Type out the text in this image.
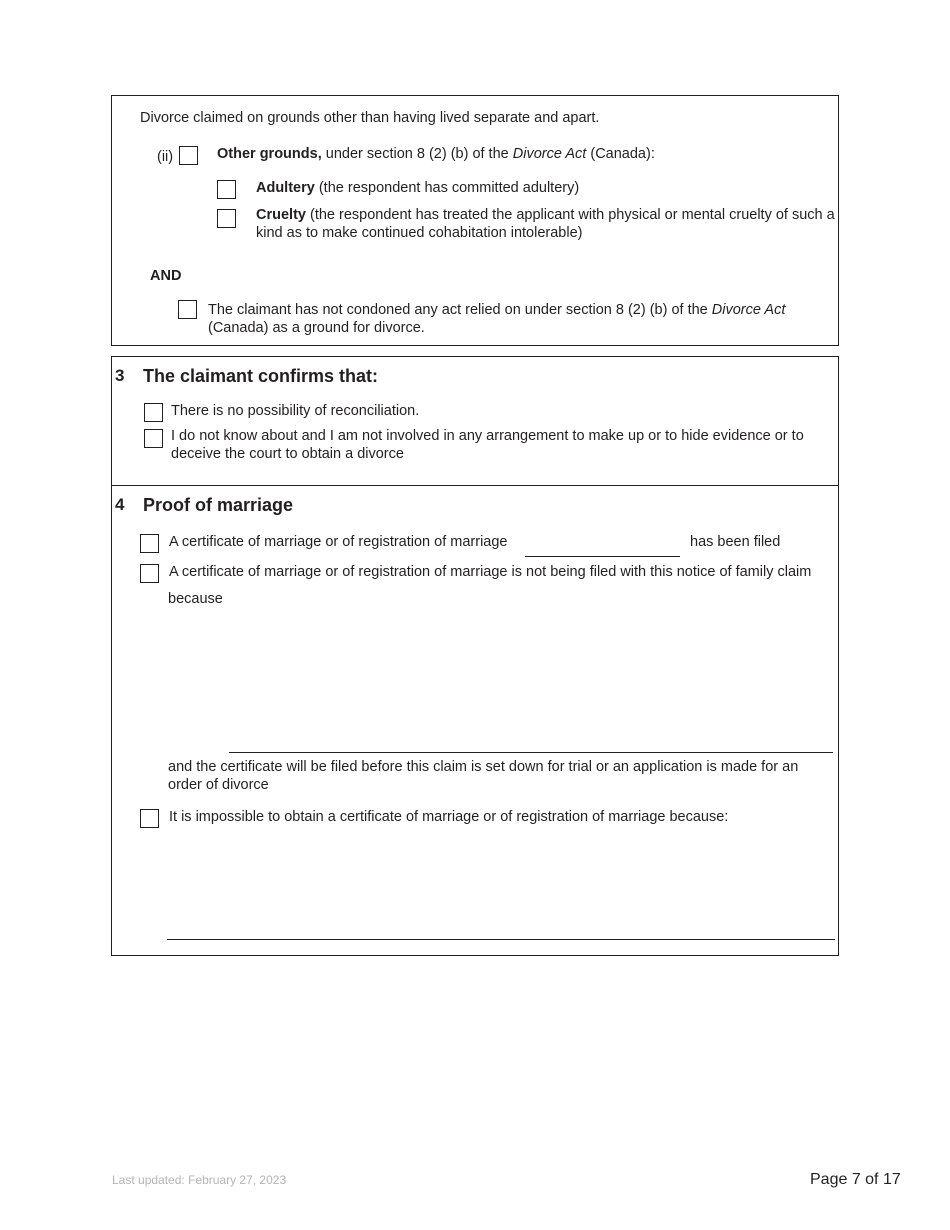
Divorce claimed on grounds other than having lived separate and apart.
(ii)	Other grounds, under section 8 (2) (b) of the Divorce Act (Canada):
Adultery (the respondent has committed adultery)
Cruelty (the respondent has treated the applicant with physical or mental cruelty of such a kind as to make continued cohabitation intolerable)
AND
The claimant has not condoned any act relied on under section 8 (2) (b) of the Divorce Act (Canada) as a ground for divorce.
3 The claimant confirms that:
There is no possibility of reconciliation.
I do not know about and I am not involved in any arrangement to make up or to hide evidence or to deceive the court to obtain a divorce
4 Proof of marriage
A certificate of marriage or of registration of marriage	has been filed
A certificate of marriage or of registration of marriage is not being filed with this notice of family claim
because
and the certificate will be filed before this claim is set down for trial or an application is made for an order of divorce
It is impossible to obtain a certificate of marriage or of registration of marriage because:
Last updated: February 27, 2023	Page 7 of 17
